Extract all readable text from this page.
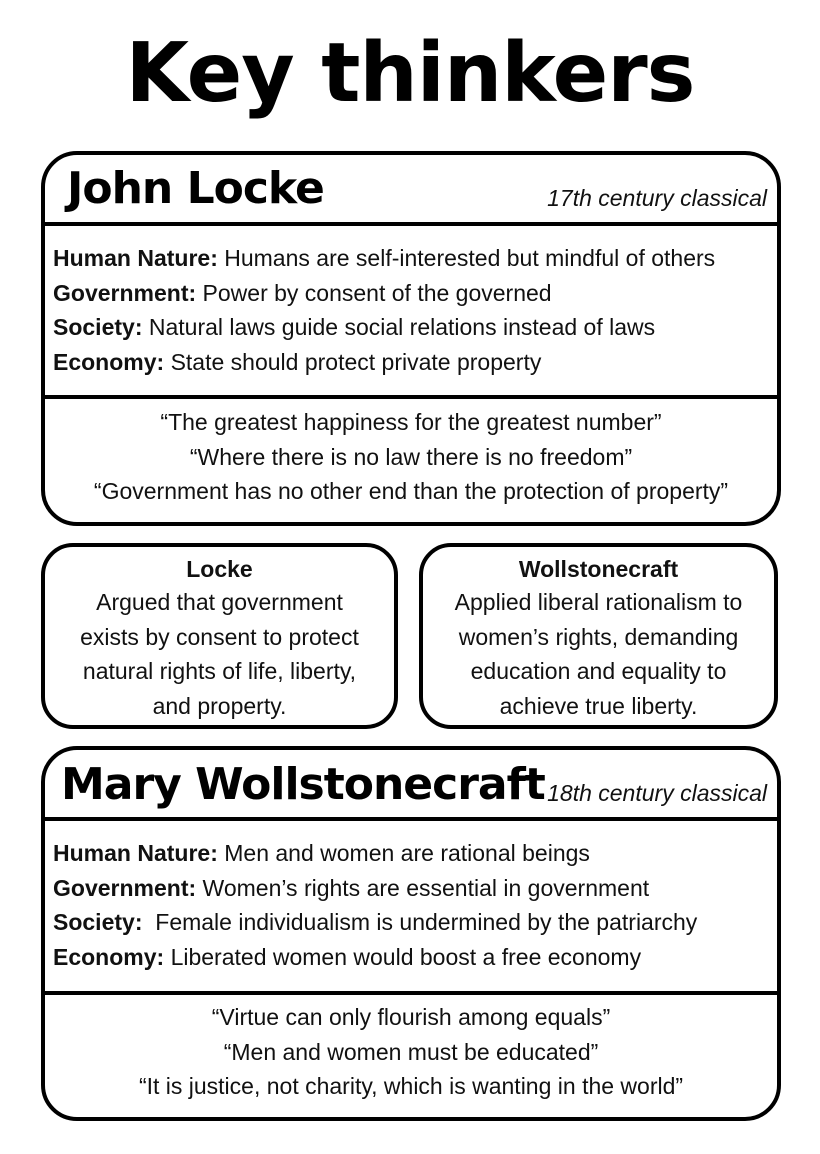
Key thinkers
John Locke	17th century classical
Human Nature: Humans are self-interested but mindful of others
Government: Power by consent of the governed
Society: Natural laws guide social relations instead of laws
Economy: State should protect private property
“The greatest happiness for the greatest number”
“Where there is no law there is no freedom”
“Government has no other end than the protection of property”
Locke
Argued that government
exists by consent to protect
natural rights of life, liberty,
and property.
Wollstonecraft
Applied liberal rationalism to
women’s rights, demanding
education and equality to
achieve true liberty.
Mary Wollstonecraft 18th century classical
Human Nature: Men and women are rational beings
Government: Women’s rights are essential in government
Society:  Female individualism is undermined by the patriarchy
Economy: Liberated women would boost a free economy
“Virtue can only flourish among equals”
“Men and women must be educated”
“It is justice, not charity, which is wanting in the world”
